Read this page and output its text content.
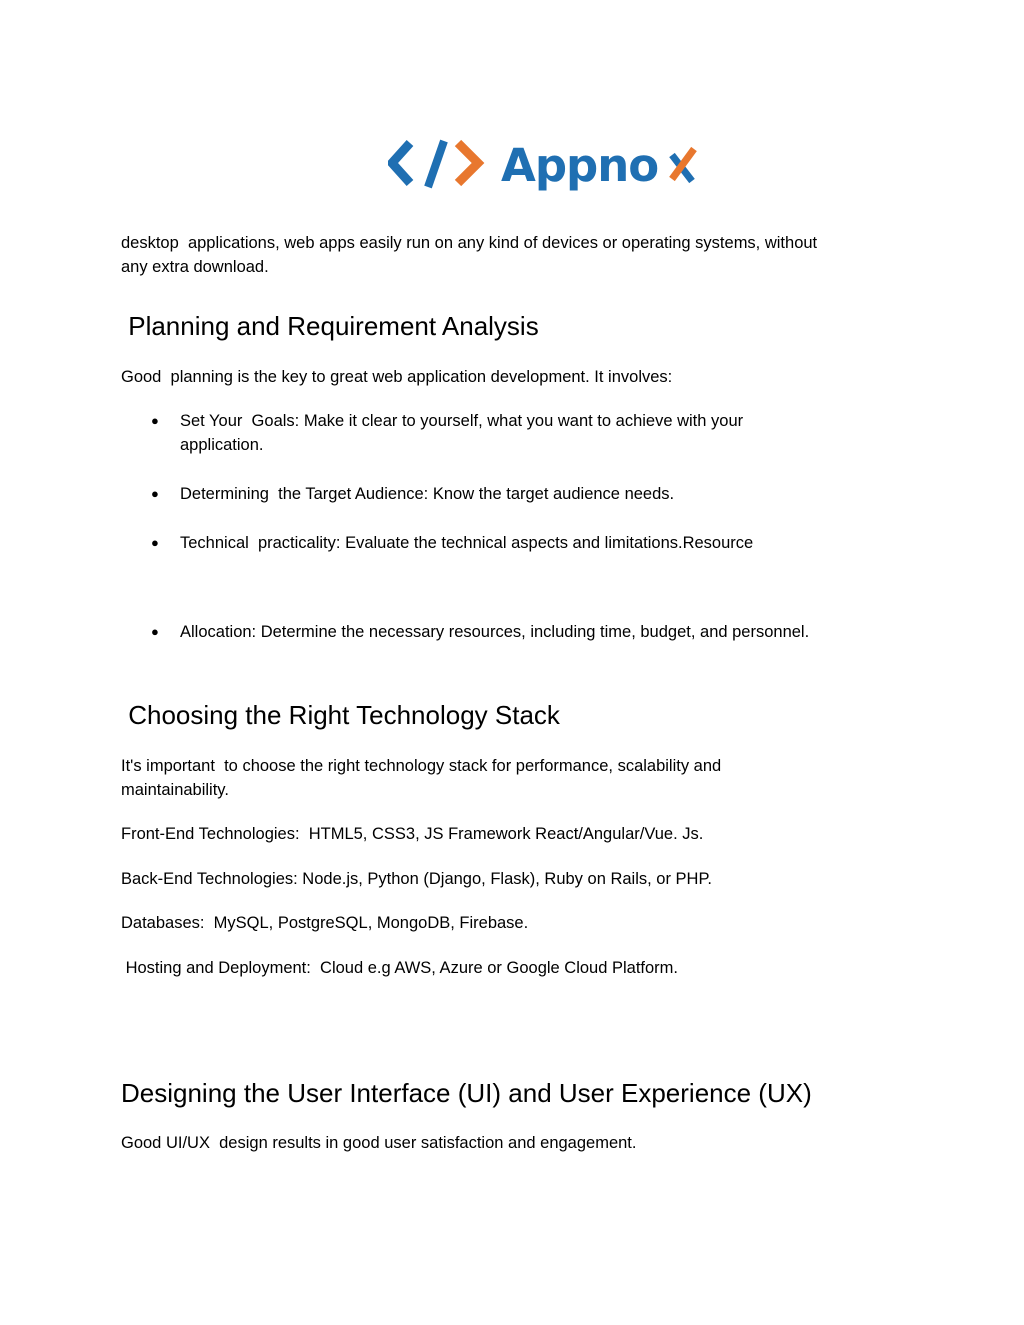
Appno

desktop  applications, web apps easily run on any kind of devices or operating systems, without

any extra download.

Planning and Requirement Analysis

Good  planning is the key to great web application development. It involves:

● Set Your  Goals: Make it clear to yourself, what you want to achieve with your
application.
● Determining  the Target Audience: Know the target audience needs.
● Technical  practicality: Evaluate the technical aspects and limitations.Resource
● Allocation: Determine the necessary resources, including time, budget, and personnel.
Choosing the Right Technology Stack

It's important  to choose the right technology stack for performance, scalability and

maintainability.

Front-End Technologies:  HTML5, CSS3, JS Framework React/Angular/Vue. Js.

Back-End Technologies: Node.js, Python (Django, Flask), Ruby on Rails, or PHP.

Databases:  MySQL, PostgreSQL, MongoDB, Firebase.

Hosting and Deployment:  Cloud e.g AWS, Azure or Google Cloud Platform.

Designing the User Interface (UI) and User Experience (UX)

Good UI/UX  design results in good user satisfaction and engagement.
